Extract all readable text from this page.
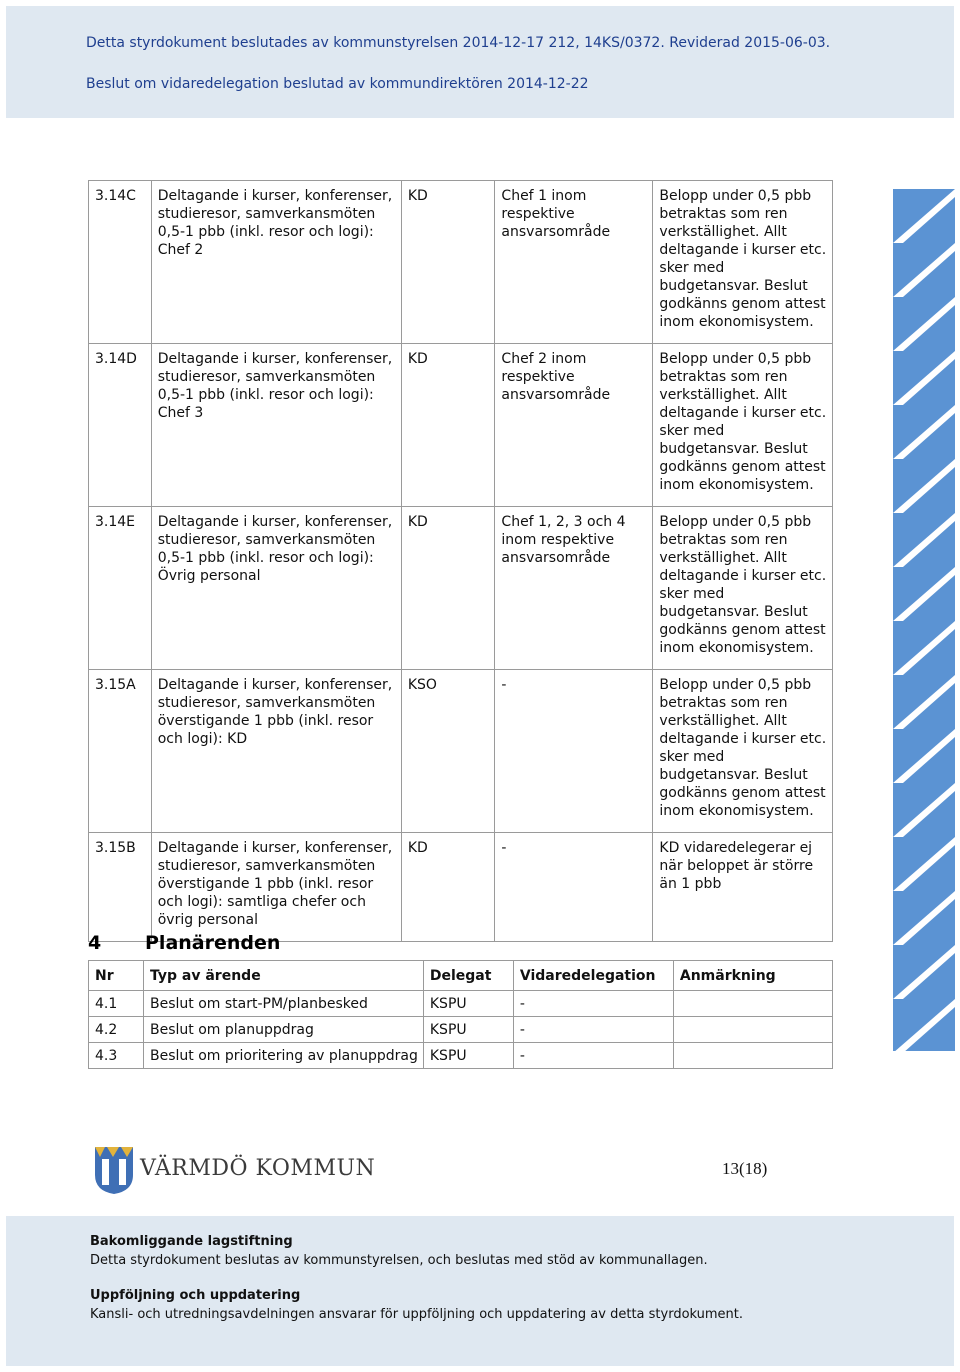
Detta styrdokument beslutades av kommunstyrelsen 2014-12-17 212, 14KS/0372. Reviderad 2015-06-03.
Beslut om vidaredelegation beslutad av kommundirektören 2014-12-22
3.14C	Deltagande i kurser, konferenser, studieresor, samverkansmöten 0,5-1 pbb (inkl. resor och logi): Chef 2	KD	Chef 1 inom respektive ansvarsområde	Belopp under 0,5 pbb betraktas som ren verkställighet. Allt deltagande i kurser etc. sker med budgetansvar. Beslut godkänns genom attest inom ekonomisystem.
3.14D	Deltagande i kurser, konferenser, studieresor, samverkansmöten 0,5-1 pbb (inkl. resor och logi): Chef 3	KD	Chef 2 inom respektive ansvarsområde	Belopp under 0,5 pbb betraktas som ren verkställighet. Allt deltagande i kurser etc. sker med budgetansvar. Beslut godkänns genom attest inom ekonomisystem.
3.14E	Deltagande i kurser, konferenser, studieresor, samverkansmöten 0,5-1 pbb (inkl. resor och logi): Övrig personal	KD	Chef 1, 2, 3 och 4 inom respektive ansvarsområde	Belopp under 0,5 pbb betraktas som ren verkställighet. Allt deltagande i kurser etc. sker med budgetansvar. Beslut godkänns genom attest inom ekonomisystem.
3.15A	Deltagande i kurser, konferenser, studieresor, samverkansmöten överstigande 1 pbb (inkl. resor och logi): KD	KSO	-	Belopp under 0,5 pbb betraktas som ren verkställighet. Allt deltagande i kurser etc. sker med budgetansvar. Beslut godkänns genom attest inom ekonomisystem.
3.15B	Deltagande i kurser, konferenser, studieresor, samverkansmöten överstigande 1 pbb (inkl. resor och logi): samtliga chefer och övrig personal	KD	-	KD vidaredelegerar ej när beloppet är större än 1 pbb
4 Planärenden
Nr	Typ av ärende	Delegat	Vidaredelegation	Anmärkning
4.1	Beslut om start-PM/planbesked	KSPU	-	
4.2	Beslut om planuppdrag	KSPU	-	
4.3	Beslut om prioritering av planuppdrag	KSPU	-	
VÄRMDÖ KOMMUN	13(18)
Bakomliggande lagstiftning
Detta styrdokument beslutas av kommunstyrelsen, och beslutas med stöd av kommunallagen.
Uppföljning och uppdatering
Kansli- och utredningsavdelningen ansvarar för uppföljning och uppdatering av detta styrdokument.
